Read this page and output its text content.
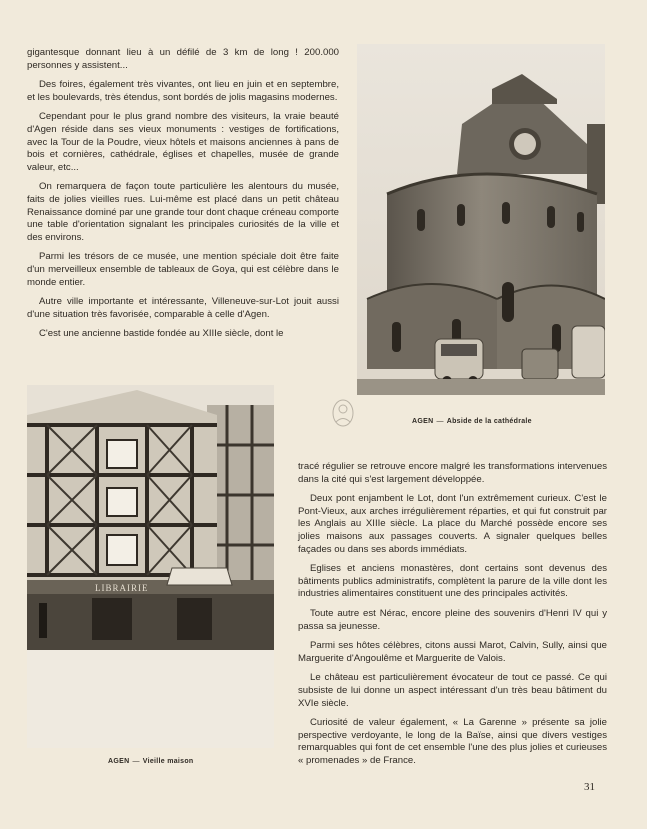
gigantesque donnant lieu à un défilé de 3 km de long ! 200.000 personnes y assistent...

Des foires, également très vivantes, ont lieu en juin et en septembre, et les boulevards, très étendus, sont bordés de jolis magasins modernes.

Cependant pour le plus grand nombre des visiteurs, la vraie beauté d'Agen réside dans ses vieux monuments : vestiges de fortifications, avec la Tour de la Poudre, vieux hôtels et maisons anciennes à pans de bois et cornières, cathédrale, églises et chapelles, musée de grande valeur, etc...

On remarquera de façon toute particulière les alentours du musée, faits de jolies vieilles rues. Lui-même est placé dans un petit château Renaissance dominé par une grande tour dont chaque créneau comporte une table d'orientation signalant les principales curiosités de la ville et des environs.

Parmi les trésors de ce musée, une mention spéciale doit être faite d'un merveilleux ensemble de tableaux de Goya, qui est célèbre dans le monde entier.

Autre ville importante et intéressante, Villeneuve-sur-Lot jouit aussi d'une situation très favorisée, comparable à celle d'Agen.

C'est une ancienne bastide fondée au XIIIe siècle, dont le

AGEN — Abside de la cathédrale
LIBRAIRIE
AGEN — Vieille maison

tracé régulier se retrouve encore malgré les transformations intervenues dans la cité qui s'est largement développée.

Deux pont enjambent le Lot, dont l'un extrêmement curieux. C'est le Pont-Vieux, aux arches irrégulièrement réparties, et qui fut construit par les Anglais au XIIIe siècle. La place du Marché possède encore ses jolies maisons aux passages couverts. A signaler quelques belles façades ou dans ses abords immédiats.

Eglises et anciens monastères, dont certains sont devenus des bâtiments publics administratifs, complètent la parure de la ville dont les industries alimentaires constituent une des principales activités.

Toute autre est Nérac, encore pleine des souvenirs d'Henri IV qui y passa sa jeunesse.

Parmi ses hôtes célèbres, citons aussi Marot, Calvin, Sully, ainsi que Marguerite d'Angoulême et Marguerite de Valois.

Le château est particulièrement évocateur de tout ce passé. Ce qui subsiste de lui donne un aspect intéressant d'un très beau bâtiment du XVIe siècle.

Curiosité de valeur également, « La Garenne » présente sa jolie perspective verdoyante, le long de la Baïse, ainsi que divers vestiges remarquables qui font de cet ensemble l'une des plus jolies et curieuses « promenades » de France.

31
